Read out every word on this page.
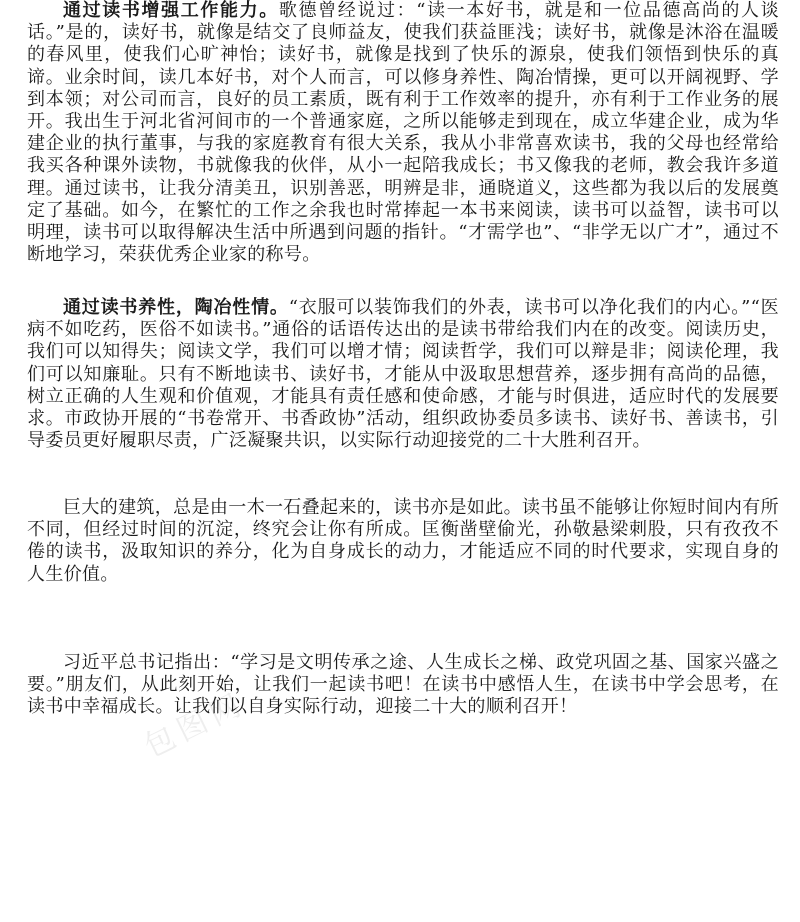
包图网

通过读书增强工作能力。歌德曾经说过：“读一本好书，就是和一位品德高尚的人谈话。”是的，读好书，就像是结交了良师益友，使我们获益匪浅；读好书，就像是沐浴在温暖的春风里，使我们心旷神怡；读好书，就像是找到了快乐的源泉，使我们领悟到快乐的真谛。业余时间，读几本好书，对个人而言，可以修身养性、陶冶情操，更可以开阔视野、学到本领；对公司而言，良好的员工素质，既有利于工作效率的提升，亦有利于工作业务的展开。我出生于河北省河间市的一个普通家庭，之所以能够走到现在，成立华建企业，成为华建企业的执行董事，与我的家庭教育有很大关系，我从小非常喜欢读书，我的父母也经常给我买各种课外读物，书就像我的伙伴，从小一起陪我成长；书又像我的老师，教会我许多道理。通过读书，让我分清美丑，识别善恶，明辨是非，通晓道义，这些都为我以后的发展奠定了基础。如今，在繁忙的工作之余我也时常捧起一本书来阅读，读书可以益智，读书可以明理，读书可以取得解决生活中所遇到问题的指针。“才需学也”、“非学无以广才”，通过不断地学习，荣获优秀企业家的称号。

通过读书养性，陶冶性情。“衣服可以装饰我们的外表，读书可以净化我们的内心。”“医病不如吃药，医俗不如读书。”通俗的话语传达出的是读书带给我们内在的改变。阅读历史，我们可以知得失；阅读文学，我们可以增才情；阅读哲学，我们可以辩是非；阅读伦理，我们可以知廉耻。只有不断地读书、读好书，才能从中汲取思想营养，逐步拥有高尚的品德，树立正确的人生观和价值观，才能具有责任感和使命感，才能与时俱进，适应时代的发展要求。市政协开展的“书卷常开、书香政协”活动，组织政协委员多读书、读好书、善读书，引导委员更好履职尽责，广泛凝聚共识，以实际行动迎接党的二十大胜利召开。

巨大的建筑，总是由一木一石叠起来的，读书亦是如此。读书虽不能够让你短时间内有所不同，但经过时间的沉淀，终究会让你有所成。匡衡凿壁偷光，孙敬悬梁刺股，只有孜孜不倦的读书，汲取知识的养分，化为自身成长的动力，才能适应不同的时代要求，实现自身的人生价值。

习近平总书记指出：“学习是文明传承之途、人生成长之梯、政党巩固之基、国家兴盛之要。”朋友们，从此刻开始，让我们一起读书吧！在读书中感悟人生，在读书中学会思考，在读书中幸福成长。让我们以自身实际行动，迎接二十大的顺利召开！
